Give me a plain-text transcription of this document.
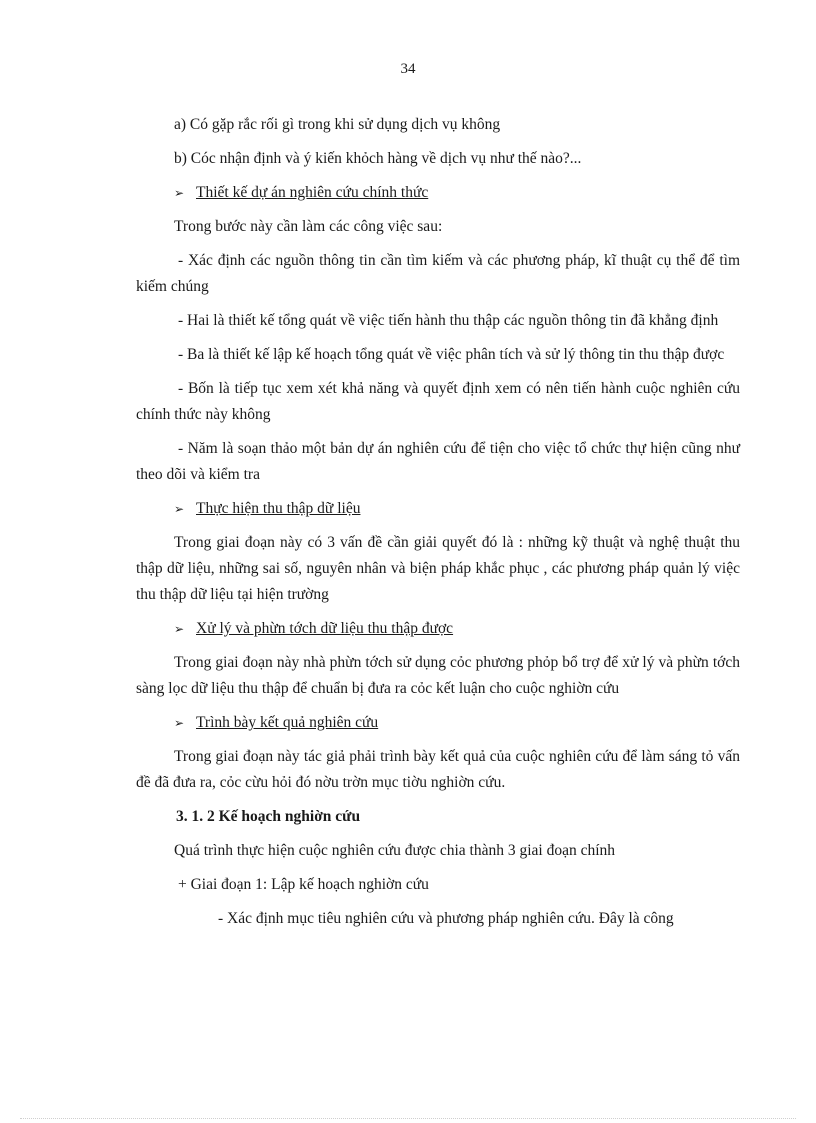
34

a) Có gặp rắc rối gì trong khi sử dụng dịch vụ không

b) Cóc nhận định và ý kiến khỏch hàng về dịch vụ như thế nào?...

➢ Thiết kế dự án nghiên cứu chính thức

Trong bước này cần làm các công việc sau:

- Xác định các nguồn thông tin cần tìm kiếm và các phương pháp, kĩ thuật cụ thể để tìm kiếm chúng

- Hai là thiết kế tổng quát về việc tiến hành thu thập các nguồn thông tin đã khẳng định

- Ba là thiết kế lập kế hoạch tổng quát về việc phân tích và sử lý thông tin thu thập được

- Bốn là tiếp tục xem xét khả năng và quyết định xem có nên tiến hành cuộc nghiên cứu chính thức này không

- Năm là soạn thảo một bản dự án nghiên cứu để tiện cho việc tổ chức thự hiện cũng như theo dõi và kiểm tra

➢ Thực hiện thu thập dữ liệu

Trong giai đoạn này có 3 vấn đề cần giải quyết đó là : những kỹ thuật và nghệ thuật thu thập dữ liệu, những sai số, nguyên nhân và biện pháp khắc phục , các phương pháp quản lý việc thu thập dữ liệu tại hiện trường

➢ Xử lý và phừn tớch dữ liệu thu thập được

Trong giai đoạn này nhà phừn tớch sử dụng cỏc phương phỏp bổ trợ để xử lý và phừn tớch sàng lọc dữ liệu thu thập để chuẩn bị đưa ra cỏc kết luận cho cuộc nghiờn cứu

➢ Trình bày kết quả nghiên cứu

Trong giai đoạn này tác giả phải trình bày kết quả của cuộc nghiên cứu để làm sáng tỏ vấn đề đã đưa ra, cỏc cừu hỏi đó nờu trờn mục tiờu nghiờn cứu.

3. 1. 2 Kế hoạch nghiờn cứu

Quá trình thực hiện cuộc nghiên cứu được chia thành 3 giai đoạn chính

+ Giai đoạn 1: Lập kế hoạch nghiờn cứu

- Xác định mục tiêu nghiên cứu và phương pháp nghiên cứu. Đây là công
